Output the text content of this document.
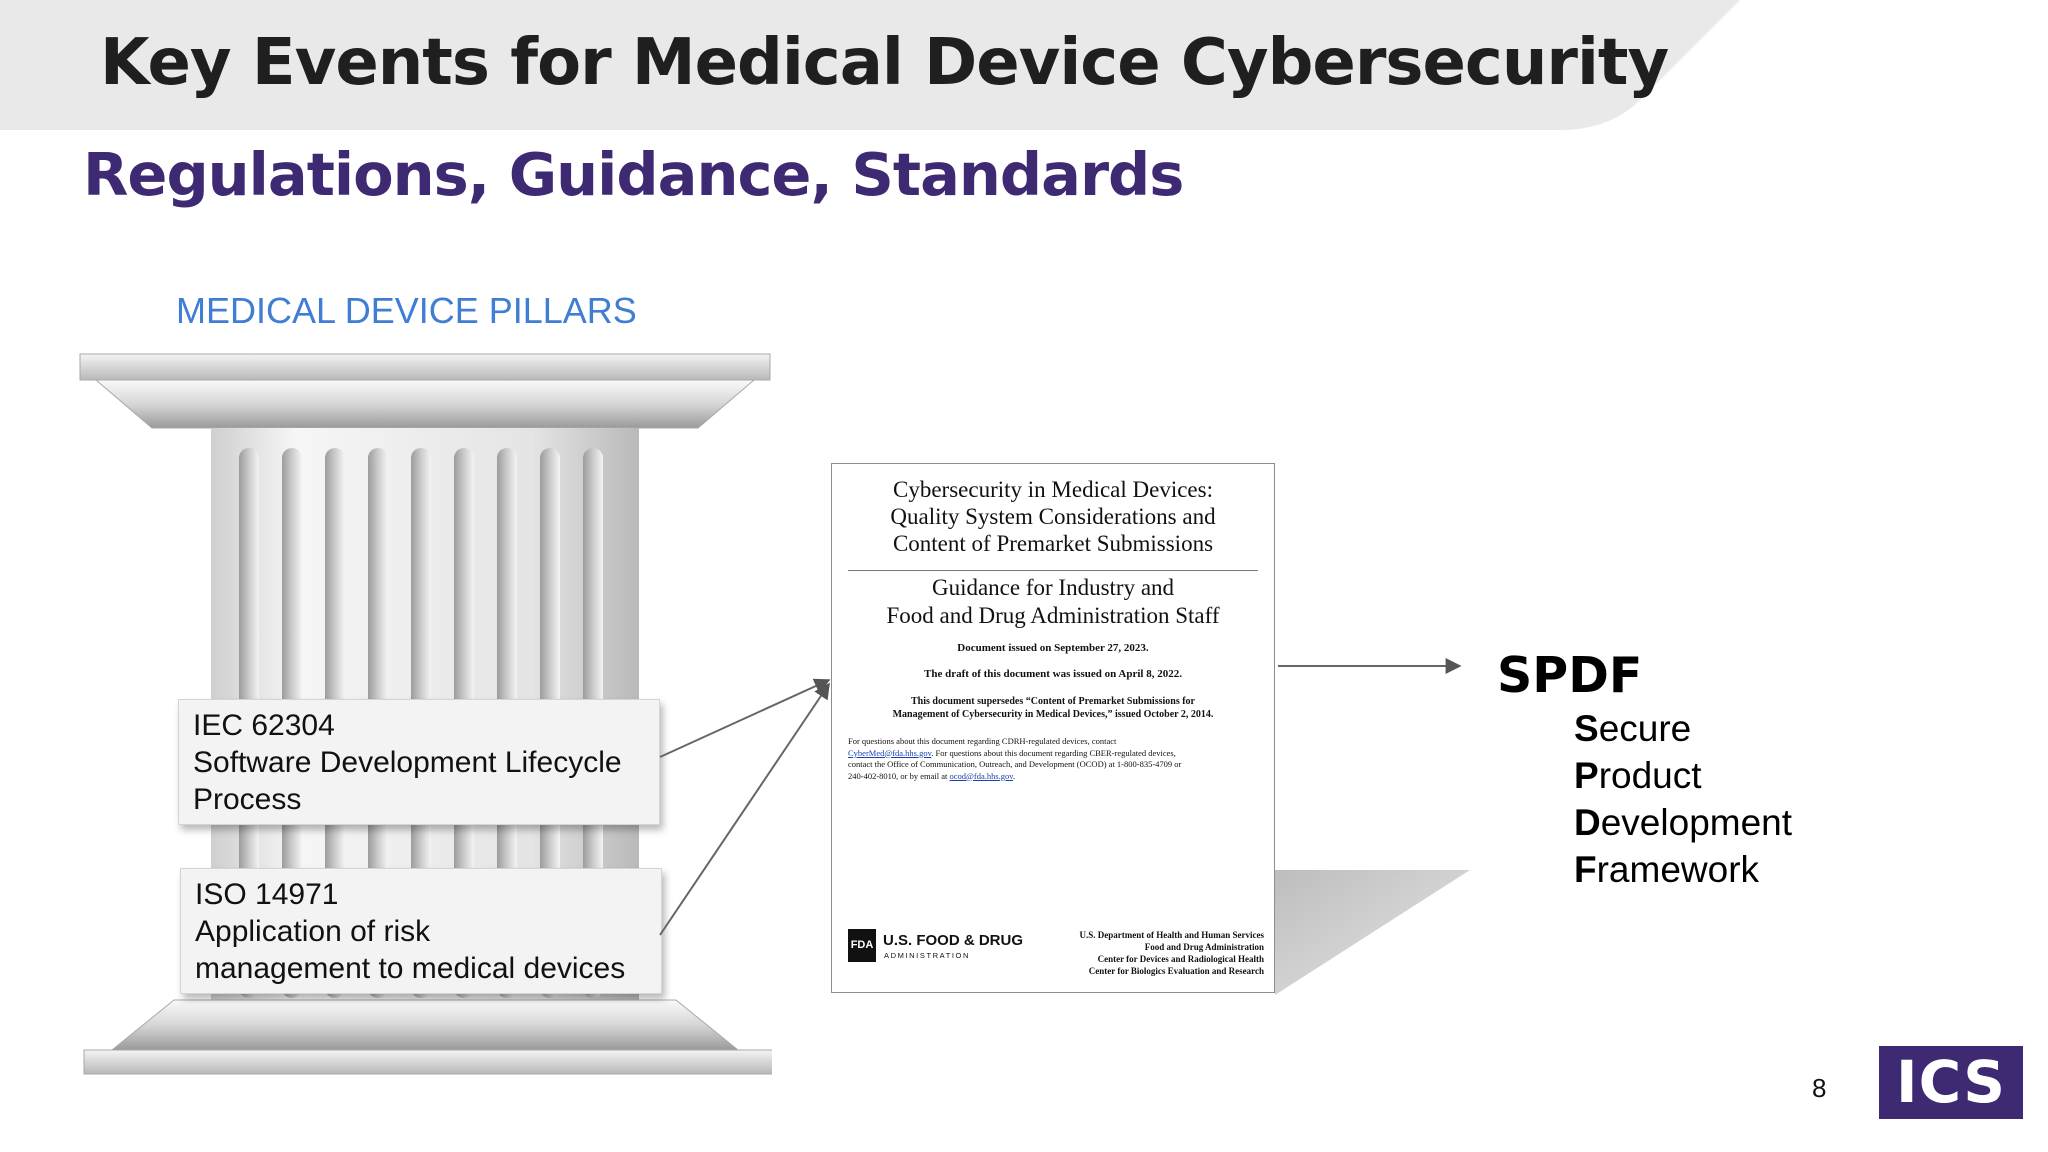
Key Events for Medical Device Cybersecurity
Regulations, Guidance, Standards
MEDICAL DEVICE PILLARS
IEC 62304
Software Development Lifecycle
Process
ISO 14971
Application of risk
management to medical devices
Cybersecurity in Medical Devices:
Quality System Considerations and
Content of Premarket Submissions
Guidance for Industry and
Food and Drug Administration Staff
Document issued on September 27, 2023.
The draft of this document was issued on April 8, 2022.
This document supersedes “Content of Premarket Submissions for
Management of Cybersecurity in Medical Devices,” issued October 2, 2014.
For questions about this document regarding CDRH-regulated devices, contact
CyberMed@fda.hhs.gov. For questions about this document regarding CBER-regulated devices,
contact the Office of Communication, Outreach, and Development (OCOD) at 1-800-835-4709 or
240-402-8010, or by email at ocod@fda.hhs.gov.
FDA U.S. FOOD & DRUG
ADMINISTRATION
U.S. Department of Health and Human Services
Food and Drug Administration
Center for Devices and Radiological Health
Center for Biologics Evaluation and Research
SPDF
Secure
Product
Development
Framework
8 ICS
